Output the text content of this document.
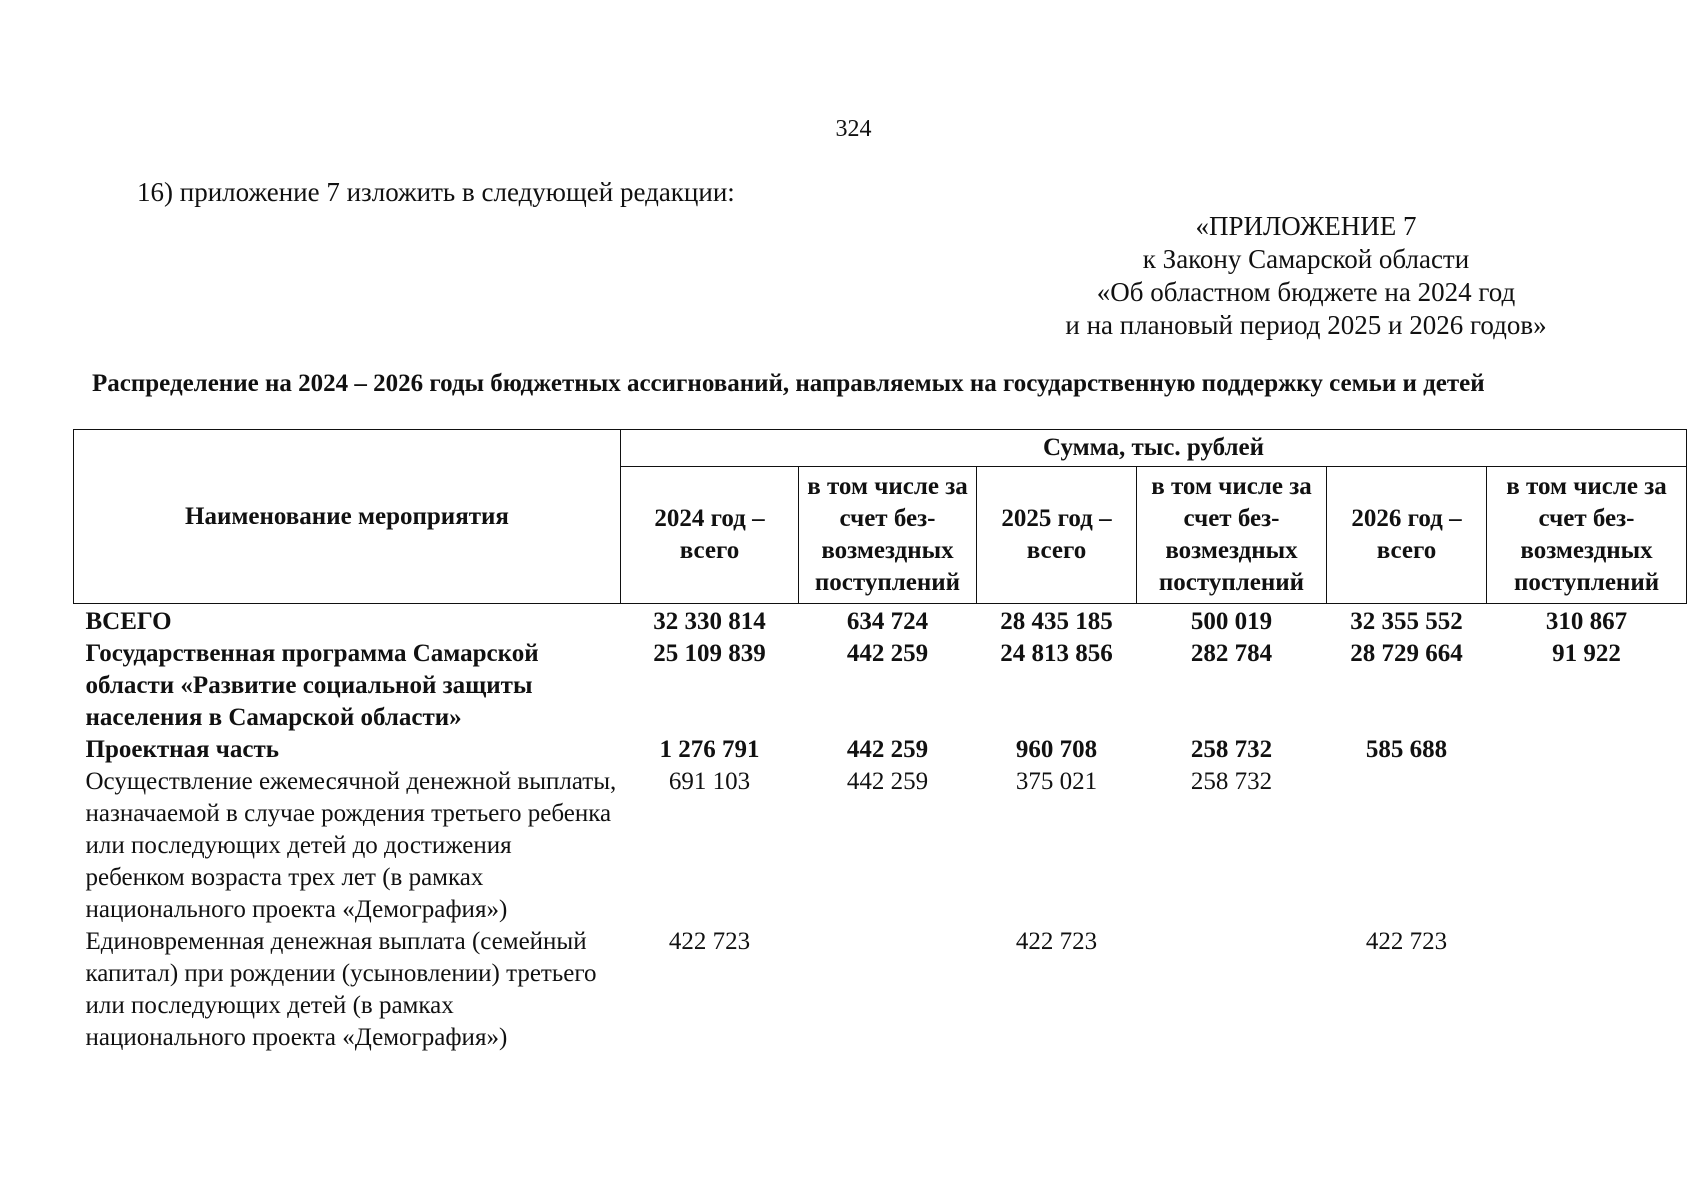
324
16) приложение 7 изложить в следующей редакции:
«ПРИЛОЖЕНИЕ 7
к Закону Самарской области
«Об областном бюджете на 2024 год
и на плановый период 2025 и 2026 годов»
Распределение на 2024 – 2026 годы бюджетных ассигнований, направляемых на государственную поддержку семьи и детей
Наименование мероприятия	Сумма, тыс. рублей					
	2024 год – всего	в том числе за счет без-возмездных поступлений	2025 год – всего	в том числе за счет без-возмездных поступлений	2026 год – всего	в том числе за счет без-возмездных поступлений
ВСЕГО	32 330 814	634 724	28 435 185	500 019	32 355 552	310 867
Государственная программа Самарской области «Развитие социальной защиты населения в Самарской области»	25 109 839	442 259	24 813 856	282 784	28 729 664	91 922
Проектная часть	1 276 791	442 259	960 708	258 732	585 688	
Осуществление ежемесячной денежной выплаты, назначаемой в случае рождения третьего ребенка или последующих детей до достижения ребенком возраста трех лет (в рамках национального проекта «Демография»)	691 103	442 259	375 021	258 732		
Единовременная денежная выплата (семейный капитал) при рождении (усыновлении) третьего или последующих детей (в рамках национального проекта «Демография»)	422 723		422 723		422 723	
